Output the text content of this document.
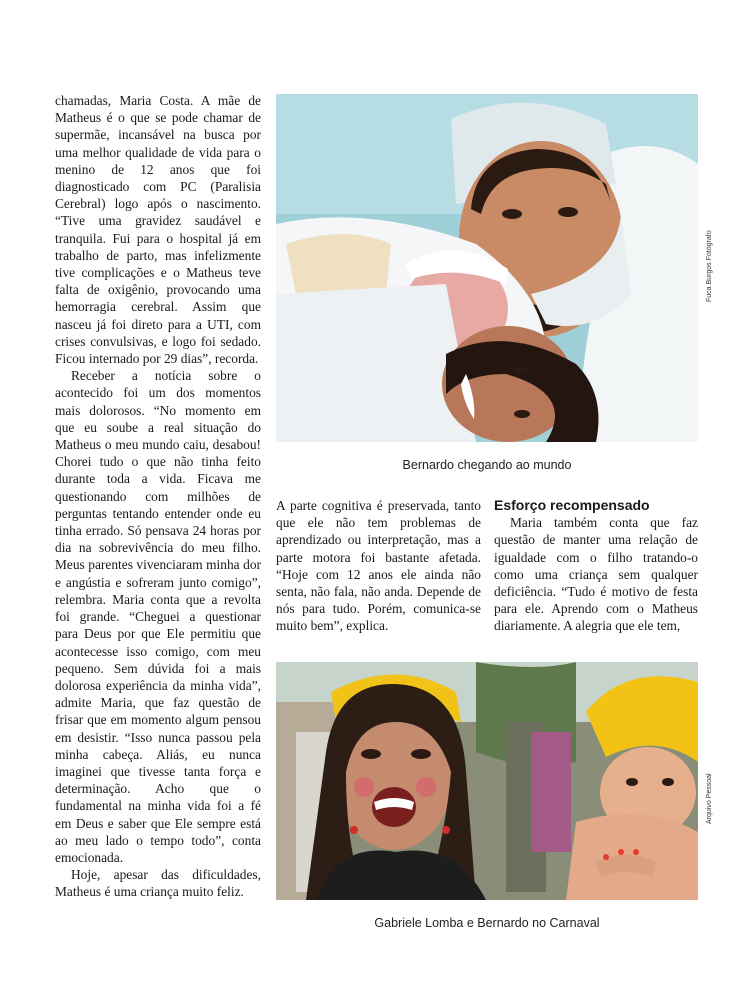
chamadas, Maria Costa. A mãe de Matheus é o que se pode chamar de supermãe, incansável na busca por uma melhor qualidade de vida para o menino de 12 anos que foi diagnosticado com PC (Paralisia Cerebral) logo após o nascimento. “Tive uma gravidez saudável e tranquila. Fui para o hospital já em trabalho de parto, mas infelizmente tive complicações e o Matheus teve falta de oxigênio, provocando uma hemorragia cerebral. Assim que nasceu já foi direto para a UTI, com crises convulsivas, e logo foi sedado. Ficou internado por 29 dias”, recorda.

Receber a notícia sobre o acontecido foi um dos momentos mais dolorosos. “No momento em que eu soube a real situação do Matheus o meu mundo caiu, desabou! Chorei tudo o que não tinha feito durante toda a vida. Ficava me questionando com milhões de perguntas tentando entender onde eu tinha errado. Só pensava 24 horas por dia na sobrevivência do meu filho. Meus parentes vivenciaram minha dor e angústia e sofreram junto comigo”, relembra. Maria conta que a revolta foi grande. “Cheguei a questionar para Deus por que Ele permitiu que acontecesse isso comigo, com meu pequeno. Sem dúvida foi a mais dolorosa experiência da minha vida”, admite Maria, que faz questão de frisar que em momento algum pensou em desistir. “Isso nunca passou pela minha cabeça. Aliás, eu nunca imaginei que tivesse tanta força e determinação. Acho que o fundamental na minha vida foi a fé em Deus e saber que Ele sempre está ao meu lado o tempo todo”, conta emocionada.

Hoje, apesar das dificuldades, Matheus é uma criança muito feliz.

Fuca Burgos Fotógrafo
Bernardo chegando ao mundo

A parte cognitiva é preservada, tanto que ele não tem problemas de aprendizado ou interpretação, mas a parte motora foi bastante afetada. “Hoje com 12 anos ele ainda não senta, não fala, não anda. Depende de nós para tudo. Porém, comunica-se muito bem”, explica.

Esforço recompensado

Maria também conta que faz questão de manter uma relação de igualdade com o filho tratando-o como uma criança sem qualquer deficiência. “Tudo é motivo de festa para ele. Aprendo com o Matheus diariamente. A alegria que ele tem,

Arquivo Pessoal
Gabriele Lomba e Bernardo no Carnaval
